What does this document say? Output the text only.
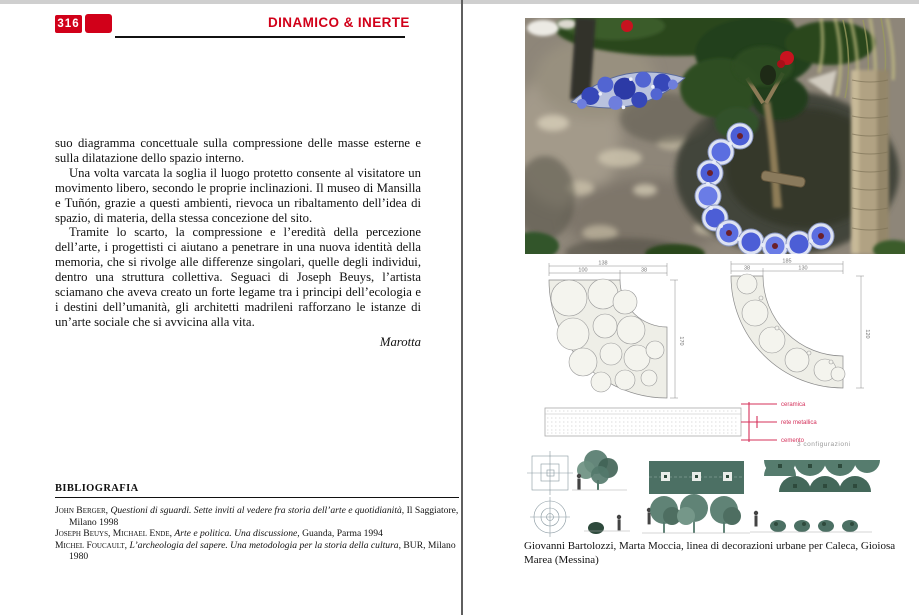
316	DINAMICO & INERTE

suo diagramma concettuale sulla compressione delle masse esterne e sulla dilatazione dello spazio interno.

Una volta varcata la soglia il luogo protetto consente al visitatore un movimento libero, secondo le proprie inclinazioni. Il museo di Mansilla e Tuñón, grazie a questi ambienti, rievoca un ribaltamento dell’idea di spazio, di materia, della stessa concezione del sito.

Tramite lo scarto, la compressione e l’eredità della percezione dell’arte, i progettisti ci aiutano a penetrare in una nuova identità della memoria, che si rivolge alle differenze singolari, quelle degli individui, dentro una struttura collettiva. Seguaci di Joseph Beuys, l’artista sciamano che aveva creato un forte legame tra i principi dell’ecologia e i destini dell’umanità, gli architetti madrileni rafforzano le istanze di un’arte sociale che si avvicina alla vita.

Marotta
BIBLIOGRAFIA

John Berger, Questioni di sguardi. Sette inviti al vedere fra storia dell’arte e quotidianità, Il Saggiatore, Milano 1998

Joseph Beuys, Michael Ende, Arte e politica. Una discussione, Guanda, Parma 1994

Michel Foucault, L’archeologia del sapere. Una metodologia per la storia della cultura, BUR, Milano 1980

138
100	38
170
185
38	130
120
ceramica
rete metallica
cemento
3 configurazioni
Giovanni Bartolozzi, Marta Moccia, linea di decorazioni urbane per Caleca, Gioiosa Marea (Messina)
